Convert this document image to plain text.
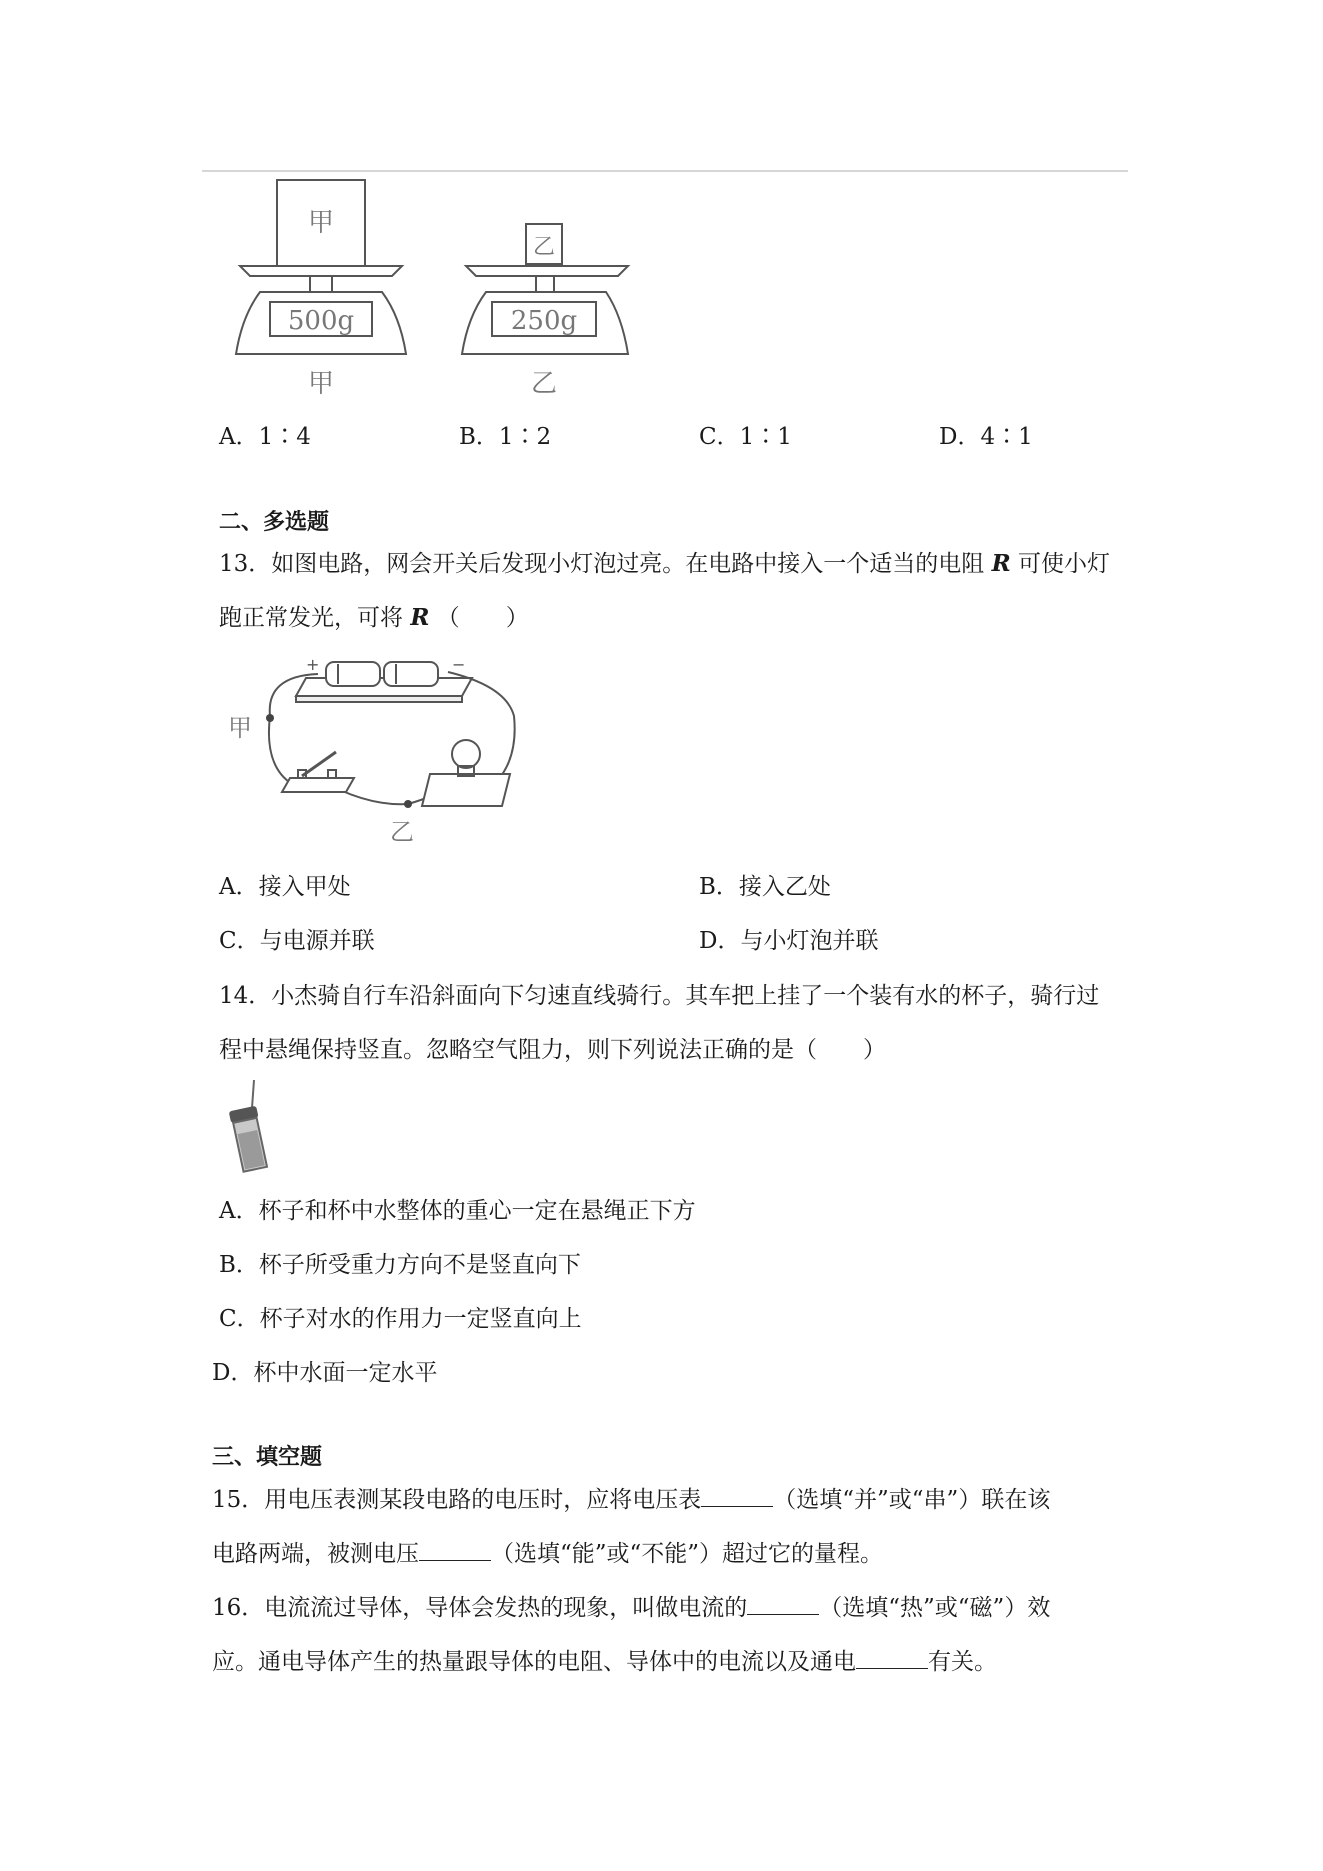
甲
乙
500g	250g
甲	乙
A．1∶4	B．1∶2	C．1∶1	D．4∶1
二、多选题
13．如图电路，网会开关后发现小灯泡过亮。在电路中接入一个适当的电阻 R 可使小灯
跑正常发光，可将 R （　　）
+	−
甲
乙
A．接入甲处	B．接入乙处
C．与电源并联	D．与小灯泡并联
14．小杰骑自行车沿斜面向下匀速直线骑行。其车把上挂了一个装有水的杯子，骑行过
程中悬绳保持竖直。忽略空气阻力，则下列说法正确的是（　　）
A．杯子和杯中水整体的重心一定在悬绳正下方
B．杯子所受重力方向不是竖直向下
C．杯子对水的作用力一定竖直向上
D．杯中水面一定水平
三、填空题
15．用电压表测某段电路的电压时，应将电压表	（选填“并”或“串”）联在该
电路两端，被测电压	（选填“能”或“不能”）超过它的量程。
16．电流流过导体，导体会发热的现象，叫做电流的	（选填“热”或“磁”）效
应。通电导体产生的热量跟导体的电阻、导体中的电流以及通电	有关。
